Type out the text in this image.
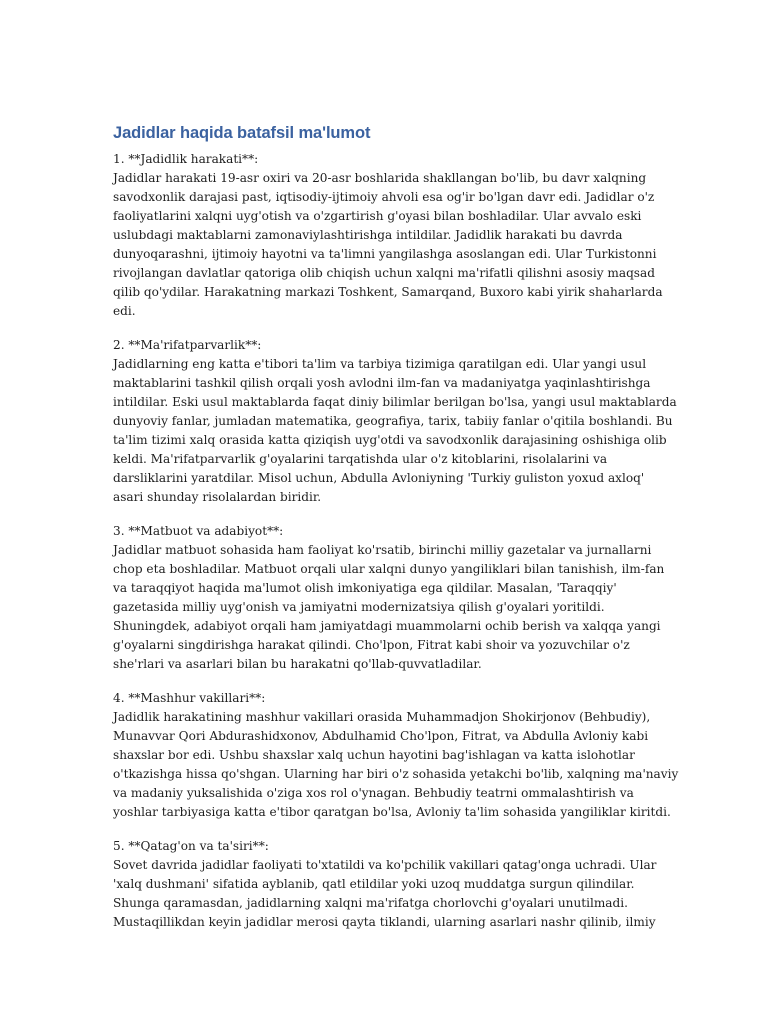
Jadidlar haqida batafsil ma'lumot
1. **Jadidlik harakati**:
Jadidlar harakati 19-asr oxiri va 20-asr boshlarida shakllangan bo'lib, bu davr xalqning
savodxonlik darajasi past, iqtisodiy-ijtimoiy ahvoli esa og'ir bo'lgan davr edi. Jadidlar o'z
faoliyatlarini xalqni uyg'otish va o'zgartirish g'oyasi bilan boshladilar. Ular avvalo eski
uslubdagi maktablarni zamonaviylashtirishga intildilar. Jadidlik harakati bu davrda
dunyoqarashni, ijtimoiy hayotni va ta'limni yangilashga asoslangan edi. Ular Turkistonni
rivojlangan davlatlar qatoriga olib chiqish uchun xalqni ma'rifatli qilishni asosiy maqsad
qilib qo'ydilar. Harakatning markazi Toshkent, Samarqand, Buxoro kabi yirik shaharlarda
edi.
2. **Ma'rifatparvarlik**:
Jadidlarning eng katta e'tibori ta'lim va tarbiya tizimiga qaratilgan edi. Ular yangi usul
maktablarini tashkil qilish orqali yosh avlodni ilm-fan va madaniyatga yaqinlashtirishga
intildilar. Eski usul maktablarda faqat diniy bilimlar berilgan bo'lsa, yangi usul maktablarda
dunyoviy fanlar, jumladan matematika, geografiya, tarix, tabiiy fanlar o'qitila boshlandi. Bu
ta'lim tizimi xalq orasida katta qiziqish uyg'otdi va savodxonlik darajasining oshishiga olib
keldi. Ma'rifatparvarlik g'oyalarini tarqatishda ular o'z kitoblarini, risolalarini va
darsliklarini yaratdilar. Misol uchun, Abdulla Avloniyning 'Turkiy guliston yoxud axloq'
asari shunday risolalardan biridir.
3. **Matbuot va adabiyot**:
Jadidlar matbuot sohasida ham faoliyat ko'rsatib, birinchi milliy gazetalar va jurnallarni
chop eta boshladilar. Matbuot orqali ular xalqni dunyo yangiliklari bilan tanishish, ilm-fan
va taraqqiyot haqida ma'lumot olish imkoniyatiga ega qildilar. Masalan, 'Taraqqiy'
gazetasida milliy uyg'onish va jamiyatni modernizatsiya qilish g'oyalari yoritildi.
Shuningdek, adabiyot orqali ham jamiyatdagi muammolarni ochib berish va xalqqa yangi
g'oyalarni singdirishga harakat qilindi. Cho'lpon, Fitrat kabi shoir va yozuvchilar o'z
she'rlari va asarlari bilan bu harakatni qo'llab-quvvatladilar.
4. **Mashhur vakillari**:
Jadidlik harakatining mashhur vakillari orasida Muhammadjon Shokirjonov (Behbudiy),
Munavvar Qori Abdurashidxonov, Abdulhamid Cho'lpon, Fitrat, va Abdulla Avloniy kabi
shaxslar bor edi. Ushbu shaxslar xalq uchun hayotini bag'ishlagan va katta islohotlar
o'tkazishga hissa qo'shgan. Ularning har biri o'z sohasida yetakchi bo'lib, xalqning ma'naviy
va madaniy yuksalishida o'ziga xos rol o'ynagan. Behbudiy teatrni ommalashtirish va
yoshlar tarbiyasiga katta e'tibor qaratgan bo'lsa, Avloniy ta'lim sohasida yangiliklar kiritdi.
5. **Qatag'on va ta'siri**:
Sovet davrida jadidlar faoliyati to'xtatildi va ko'pchilik vakillari qatag'onga uchradi. Ular
'xalq dushmani' sifatida ayblanib, qatl etildilar yoki uzoq muddatga surgun qilindilar.
Shunga qaramasdan, jadidlarning xalqni ma'rifatga chorlovchi g'oyalari unutilmadi.
Mustaqillikdan keyin jadidlar merosi qayta tiklandi, ularning asarlari nashr qilinib, ilmiy
